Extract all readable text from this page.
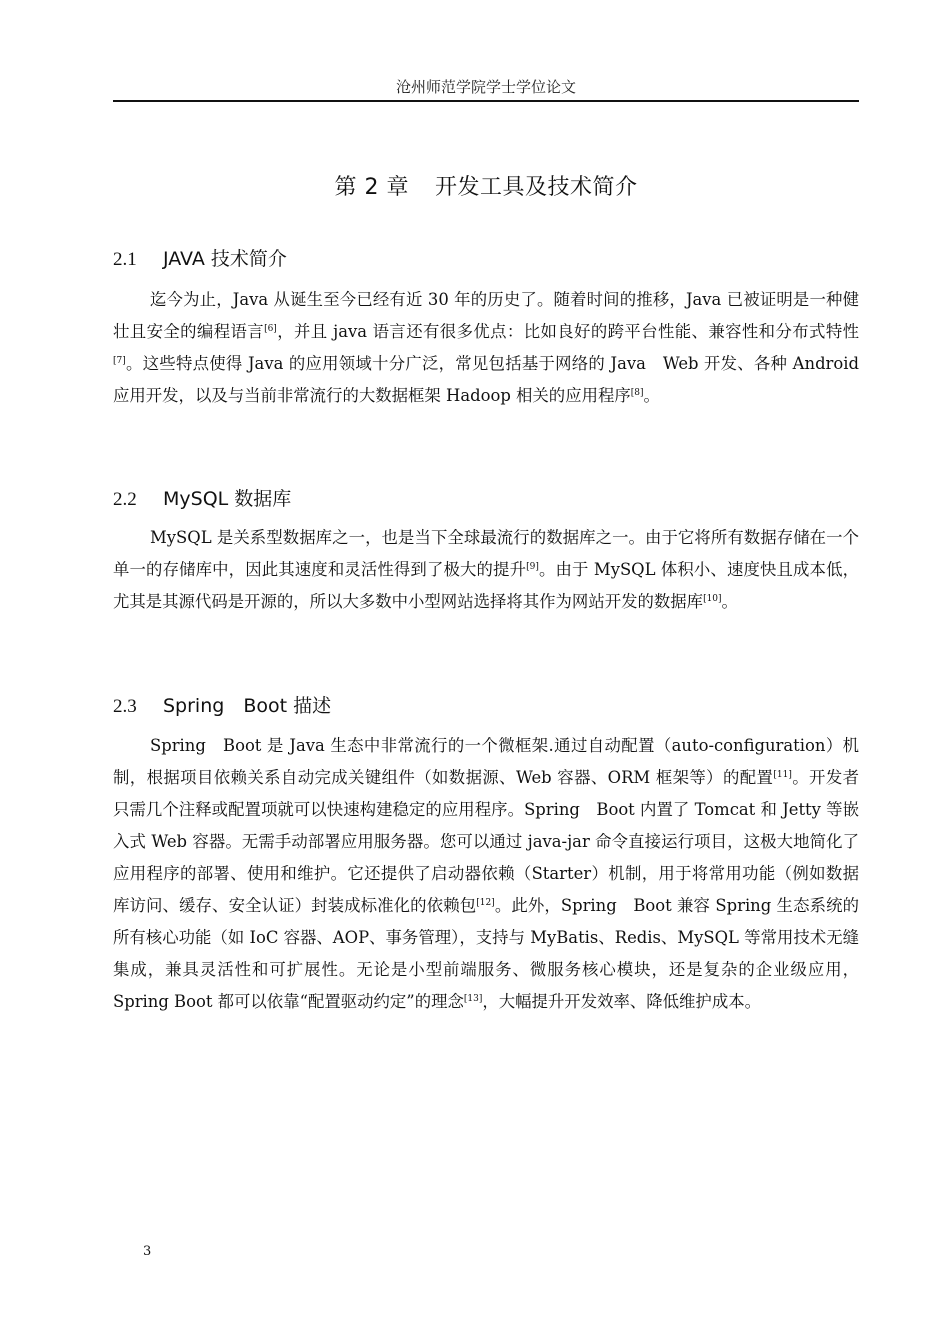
沧州师范学院学士学位论文
第 2 章 开发工具及技术简介
2.1 JAVA 技术简介

迄今为止，Java 从诞生至今已经有近 30 年的历史了。随着时间的推移，Java 已被证明是一种健壮且安全的编程语言[6]，并且 java 语言还有很多优点：比如良好的跨平台性能、兼容性和分布式特性[7]。这些特点使得 Java 的应用领域十分广泛，常见包括基于网络的 Java　Web 开发、各种 Android 应用开发，以及与当前非常流行的大数据框架 Hadoop 相关的应用程序[8]。

2.2 MySQL 数据库

MySQL 是关系型数据库之一，也是当下全球最流行的数据库之一。由于它将所有数据存储在一个单一的存储库中，因此其速度和灵活性得到了极大的提升[9]。由于 MySQL 体积小、速度快且成本低，尤其是其源代码是开源的，所以大多数中小型网站选择将其作为网站开发的数据库[10]。

2.3 Spring　Boot 描述

Spring　Boot 是 Java 生态中非常流行的一个微框架.通过自动配置（auto-configuration）机制，根据项目依赖关系自动完成关键组件（如数据源、Web 容器、ORM 框架等）的配置[11]。开发者只需几个注释或配置项就可以快速构建稳定的应用程序。Spring　Boot 内置了 Tomcat 和 Jetty 等嵌入式 Web 容器。无需手动部署应用服务器。您可以通过 java-jar 命令直接运行项目，这极大地简化了应用程序的部署、使用和维护。它还提供了启动器依赖（Starter）机制，用于将常用功能（例如数据库访问、缓存、安全认证）封装成标准化的依赖包[12]。此外，Spring　Boot 兼容 Spring 生态系统的所有核心功能（如 IoC 容器、AOP、事务管理），支持与 MyBatis、Redis、MySQL 等常用技术无缝集成，兼具灵活性和可扩展性。无论是小型前端服务、微服务核心模块，还是复杂的企业级应用，Spring Boot 都可以依靠“配置驱动约定”的理念[13]，大幅提升开发效率、降低维护成本。

3
